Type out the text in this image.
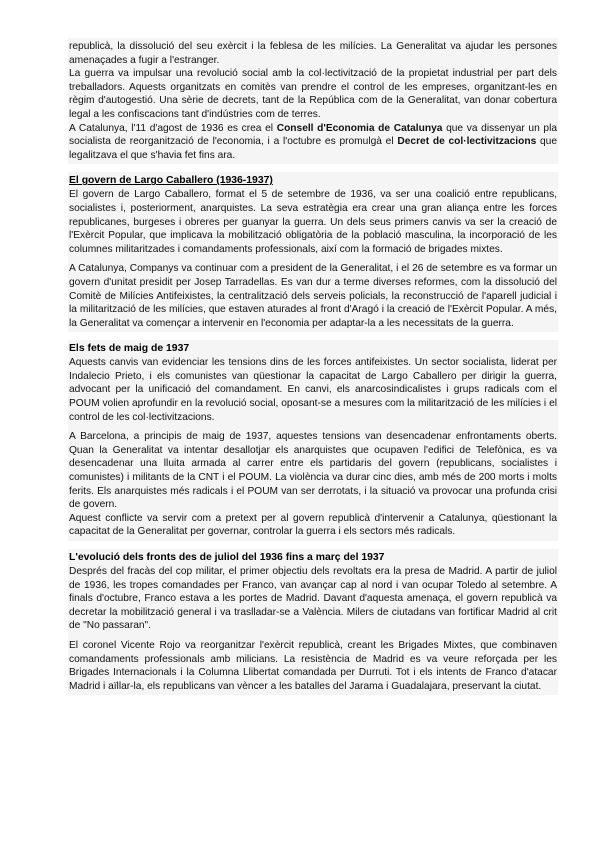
republicà, la dissolució del seu exèrcit i la feblesa de les milícies. La Generalitat va ajudar les persones amenaçades a fugir a l'estranger.

La guerra va impulsar una revolució social amb la col·lectivització de la propietat industrial per part dels treballadors. Aquests organitzats en comitès van prendre el control de les empreses, organitzant-les en règim d'autogestió. Una sèrie de decrets, tant de la República com de la Generalitat, van donar cobertura legal a les confiscacions tant d'indústries com de terres.

A Catalunya, l'11 d'agost de 1936 es crea el Consell d'Economia de Catalunya que va dissenyar un pla socialista de reorganització de l'economia, i a l'octubre es promulgà el Decret de col·lectivitzacions que legalitzava el que s'havia fet fins ara.

El govern de Largo Caballero (1936-1937)

El govern de Largo Caballero, format el 5 de setembre de 1936, va ser una coalició entre republicans, socialistes i, posteriorment, anarquistes. La seva estratègia era crear una gran aliança entre les forces republicanes, burgeses i obreres per guanyar la guerra. Un dels seus primers canvis va ser la creació de l'Exèrcit Popular, que implicava la mobilització obligatòria de la població masculina, la incorporació de les columnes militaritzades i comandaments professionals, així com la formació de brigades mixtes.

A Catalunya, Companys va continuar com a president de la Generalitat, i el 26 de setembre es va formar un govern d'unitat presidit per Josep Tarradellas. Es van dur a terme diverses reformes, com la dissolució del Comitè de Milícies Antifeixistes, la centralització dels serveis policials, la reconstrucció de l'aparell judicial i la militarització de les milícies, que estaven aturades al front d'Aragó i la creació de l'Exèrcit Popular. A més, la Generalitat va començar a intervenir en l'economia per adaptar-la a les necessitats de la guerra.

Els fets de maig de 1937

Aquests canvis van evidenciar les tensions dins de les forces antifeixistes. Un sector socialista, liderat per Indalecio Prieto, i els comunistes van qüestionar la capacitat de Largo Caballero per dirigir la guerra, advocant per la unificació del comandament. En canvi, els anarcosindicalistes i grups radicals com el POUM volien aprofundir en la revolució social, oposant-se a mesures com la militarització de les milícies i el control de les col·lectivitzacions.

A Barcelona, a principis de maig de 1937, aquestes tensions van desencadenar enfrontaments oberts. Quan la Generalitat va intentar desallotjar els anarquistes que ocupaven l'edifici de Telefònica, es va desencadenar una lluita armada al carrer entre els partidaris del govern (republicans, socialistes i comunistes) i militants de la CNT i el POUM. La violència va durar cinc dies, amb més de 200 morts i molts ferits. Els anarquistes més radicals i el POUM van ser derrotats, i la situació va provocar una profunda crisi de govern.

Aquest conflicte va servir com a pretext per al govern republicà d'intervenir a Catalunya, qüestionant la capacitat de la Generalitat per governar, controlar la guerra i els sectors més radicals.

L'evolució dels fronts des de juliol del 1936 fins a març del 1937

Després del fracàs del cop militar, el primer objectiu dels revoltats era la presa de Madrid. A partir de juliol de 1936, les tropes comandades per Franco, van avançar cap al nord i van ocupar Toledo al setembre. A finals d'octubre, Franco estava a les portes de Madrid. Davant d'aquesta amenaça, el govern republicà va decretar la mobilització general i va traslladar-se a València. Milers de ciutadans van fortificar Madrid al crit de "No passaran".

El coronel Vicente Rojo va reorganitzar l'exèrcit republicà, creant les Brigades Mixtes, que combinaven comandaments professionals amb milicians. La resistència de Madrid es va veure reforçada per les Brigades Internacionals i la Columna Llibertat comandada per Durruti. Tot i els intents de Franco d'atacar Madrid i aïllar-la, els republicans van vèncer a les batalles del Jarama i Guadalajara, preservant la ciutat.
